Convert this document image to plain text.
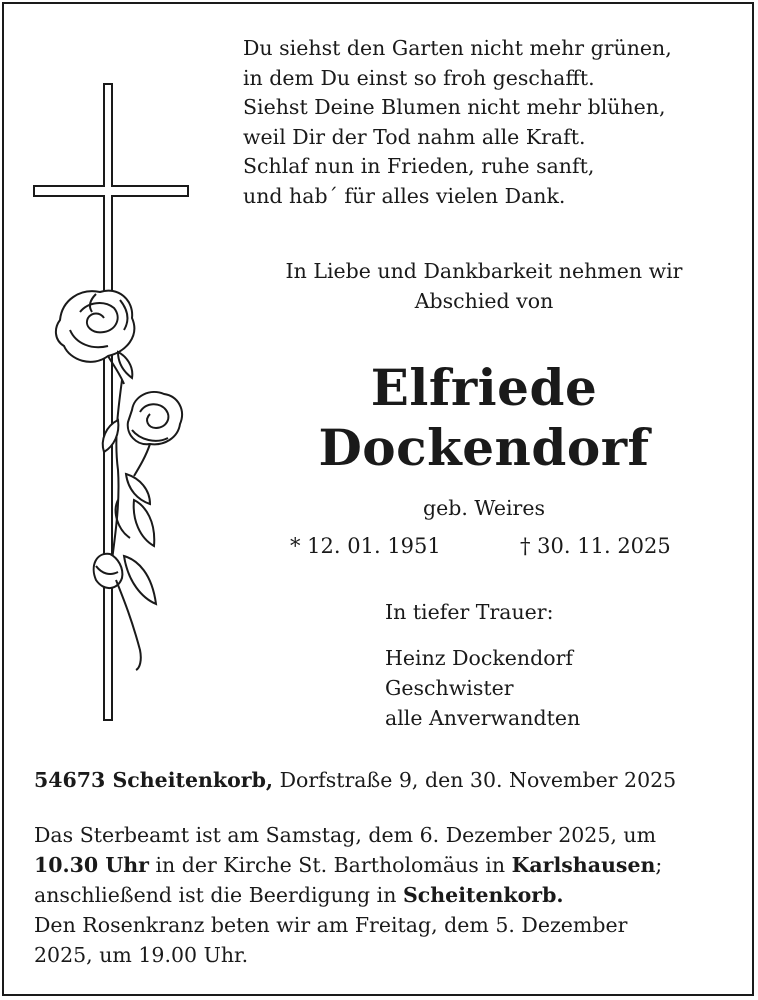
Du siehst den Garten nicht mehr grünen,
in dem Du einst so froh geschafft.
Siehst Deine Blumen nicht mehr blühen,
weil Dir der Tod nahm alle Kraft.
Schlaf nun in Frieden, ruhe sanft,
und hab´ für alles vielen Dank.
In Liebe und Dankbarkeit nehmen wir
Abschied von
Elfriede
Dockendorf
geb. Weires
* 12. 01. 1951	† 30. 11. 2025
In tiefer Trauer:
Heinz Dockendorf
Geschwister
alle Anverwandten
54673 Scheitenkorb, Dorfstraße 9, den 30. November 2025
Das Sterbeamt ist am Samstag, dem 6. Dezember 2025, um
10.30 Uhr in der Kirche St. Bartholomäus in Karlshausen;
anschließend ist die Beerdigung in Scheitenkorb.
Den Rosenkranz beten wir am Freitag, dem 5. Dezember
2025, um 19.00 Uhr.
